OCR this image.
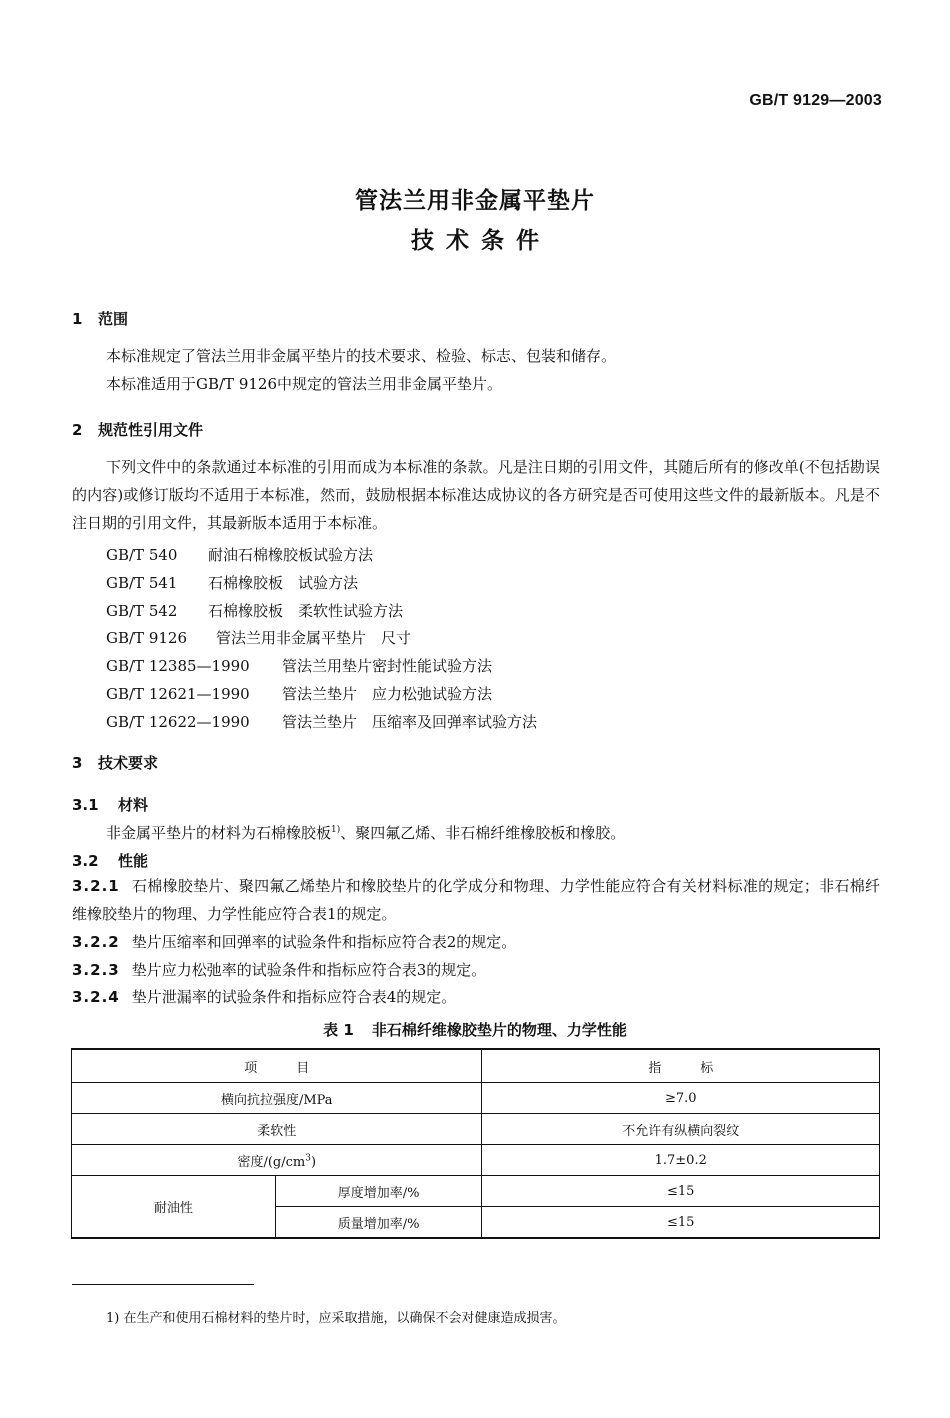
GB/T 9129—2003
管法兰用非金属平垫片
技术条件
1 范围
本标准规定了管法兰用非金属平垫片的技术要求、检验、标志、包装和储存。
本标准适用于GB/T 9126中规定的管法兰用非金属平垫片。
2 规范性引用文件
下列文件中的条款通过本标准的引用而成为本标准的条款。凡是注日期的引用文件，其随后所有的修改单(不包括勘误的内容)或修订版均不适用于本标准，然而，鼓励根据本标准达成协议的各方研究是否可使用这些文件的最新版本。凡是不注日期的引用文件，其最新版本适用于本标准。
GB/T 540 耐油石棉橡胶板试验方法
GB/T 541 石棉橡胶板　试验方法
GB/T 542 石棉橡胶板　柔软性试验方法
GB/T 9126 管法兰用非金属平垫片　尺寸
GB/T 12385—1990 管法兰用垫片密封性能试验方法
GB/T 12621—1990 管法兰垫片　应力松弛试验方法
GB/T 12622—1990 管法兰垫片　压缩率及回弹率试验方法
3 技术要求
3.1 材料
非金属平垫片的材料为石棉橡胶板$^{1)}$、聚四氟乙烯、非石棉纤维橡胶板和橡胶。
3.2 性能
3.2.1 石棉橡胶垫片、聚四氟乙烯垫片和橡胶垫片的化学成分和物理、力学性能应符合有关材料标准的规定；非石棉纤维橡胶垫片的物理、力学性能应符合表1的规定。
3.2.2 垫片压缩率和回弹率的试验条件和指标应符合表2的规定。
3.2.3 垫片应力松弛率的试验条件和指标应符合表3的规定。
3.2.4 垫片泄漏率的试验条件和指标应符合表4的规定。
表 1 非石棉纤维橡胶垫片的物理、力学性能
项　　　目		指　　　标
横向抗拉强度/MPa		≥7.0
柔软性		不允许有纵横向裂纹
密度$/(g/cm^3)$		1.7±0.2
耐油性	厚度增加率/%	≤15
	质量增加率/%	≤15
1) 在生产和使用石棉材料的垫片时，应采取措施，以确保不会对健康造成损害。
